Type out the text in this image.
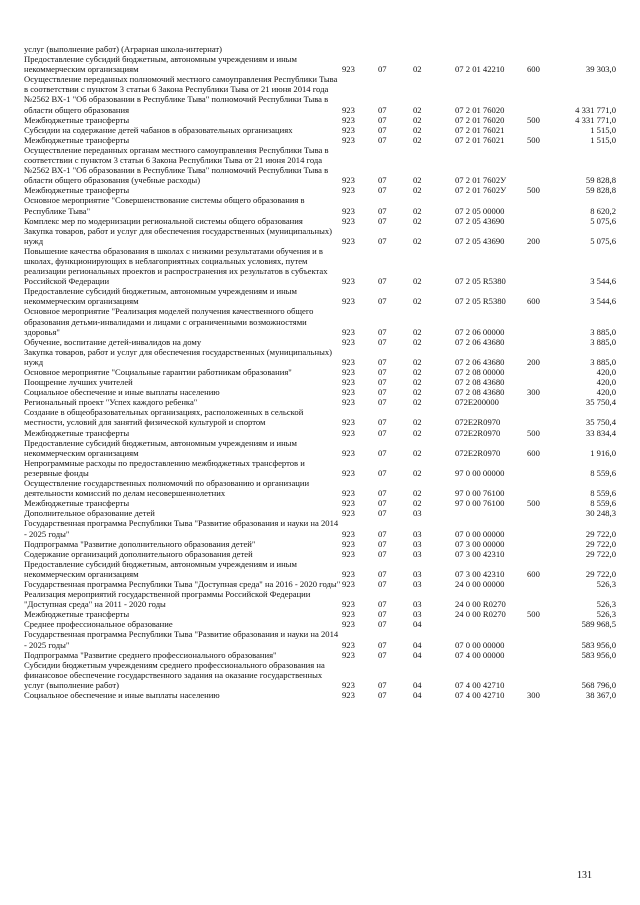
услуг (выполнение работ) (Аграрная школа-интернат)						
Предоставление субсидий бюджетным, автономным учреждениям и иным некоммерческим организациям	923	07	02	07 2 01 42210	600	39 303,0
Осуществление переданных полномочий местного самоуправления Республики Тыва в соответствии с пунктом 3 статьи 6 Закона Республики Тыва от 21 июня 2014 года №2562 ВХ-1 "Об образовании в Республике Тыва" полномочий Республики Тыва в области общего образования	923	07	02	07 2 01 76020		4 331 771,0
Межбюджетные трансферты	923	07	02	07 2 01 76020	500	4 331 771,0
Субсидии на содержание детей чабанов в образовательных организациях	923	07	02	07 2 01 76021		1 515,0
Межбюджетные трансферты	923	07	02	07 2 01 76021	500	1 515,0
Осуществление переданных органам местного самоуправления Республики Тыва в соответствии с пунктом 3 статьи 6 Закона Республики Тыва от 21 июня 2014 года №2562 ВХ-1 "Об образовании в Республике Тыва" полномочий Республики Тыва в области общего образования (учебные расходы)	923	07	02	07 2 01 7602У		59 828,8
Межбюджетные трансферты	923	07	02	07 2 01 7602У	500	59 828,8
Основное мероприятие "Совершенствование системы общего образования в Республике Тыва"	923	07	02	07 2 05 00000		8 620,2
Комплекс мер по модернизации региональной системы общего образования	923	07	02	07 2 05 43690		5 075,6
Закупка товаров, работ и услуг для обеспечения государственных (муниципальных) нужд	923	07	02	07 2 05 43690	200	5 075,6
Повышение качества образования в школах с низкими результатами обучения и в школах, функционирующих в неблагоприятных социальных условиях, путем реализации региональных проектов и распространения их результатов в субъектах Российской Федерации	923	07	02	07 2 05 R5380		3 544,6
Предоставление субсидий бюджетным, автономным учреждениям и иным некоммерческим организациям	923	07	02	07 2 05 R5380	600	3 544,6
Основное мероприятие "Реализация моделей получения качественного общего образования детьми-инвалидами и лицами с ограниченными возможностями здоровья"	923	07	02	07 2 06 00000		3 885,0
Обучение, воспитание детей-инвалидов на дому	923	07	02	07 2 06 43680		3 885,0
Закупка товаров, работ и услуг для обеспечения государственных (муниципальных) нужд	923	07	02	07 2 06 43680	200	3 885,0
Основное мероприятие "Социальные гарантии работникам образования"	923	07	02	07 2 08 00000		420,0
Поощрение лучших учителей	923	07	02	07 2 08 43680		420,0
Социальное обеспечение и иные выплаты населению	923	07	02	07 2 08 43680	300	420,0
Региональный проект "Успех каждого ребенка"	923	07	02	072E200000		35 750,4
Создание в общеобразовательных организациях, расположенных в сельской местности, условий для занятий физической культурой и спортом	923	07	02	072E2R0970		35 750,4
Межбюджетные трансферты	923	07	02	072E2R0970	500	33 834,4
Предоставление субсидий бюджетным, автономным учреждениям и иным некоммерческим организациям	923	07	02	072E2R0970	600	1 916,0
Непрограммные расходы по предоставлению межбюджетных трансфертов и резервные фонды	923	07	02	97 0 00 00000		8 559,6
Осуществление государственных полномочий по образованию и организации деятельности комиссий по делам несовершеннолетних	923	07	02	97 0 00 76100		8 559,6
Межбюджетные трансферты	923	07	02	97 0 00 76100	500	8 559,6
Дополнительное образование детей	923	07	03			30 248,3
Государственная программа Республики Тыва "Развитие образования и науки на 2014 - 2025 годы"	923	07	03	07 0 00 00000		29 722,0
Подпрограмма "Развитие дополнительного образования детей"	923	07	03	07 3 00 00000		29 722,0
Содержание организаций дополнительного образования детей	923	07	03	07 3 00 42310		29 722,0
Предоставление субсидий бюджетным, автономным учреждениям и иным некоммерческим организациям	923	07	03	07 3 00 42310	600	29 722,0
Государственная программа Республики Тыва "Доступная среда" на 2016 - 2020 годы"	923	07	03	24 0 00 00000		526,3
Реализация мероприятий государственной программы Российской Федерации "Доступная среда" на 2011 - 2020 годы	923	07	03	24 0 00 R0270		526,3
Межбюджетные трансферты	923	07	03	24 0 00 R0270	500	526,3
Среднее профессиональное образование	923	07	04			589 968,5
Государственная программа Республики Тыва "Развитие образования и науки на 2014 - 2025 годы"	923	07	04	07 0 00 00000		583 956,0
Подпрограмма "Развитие среднего профессионального образования"	923	07	04	07 4 00 00000		583 956,0
Субсидии бюджетным учреждениям среднего профессионального образования на финансовое обеспечение государственного задания на оказание государственных услуг (выполнение работ)	923	07	04	07 4 00 42710		568 796,0
Социальное обеспечение и иные выплаты населению	923	07	04	07 4 00 42710	300	38 367,0
131
